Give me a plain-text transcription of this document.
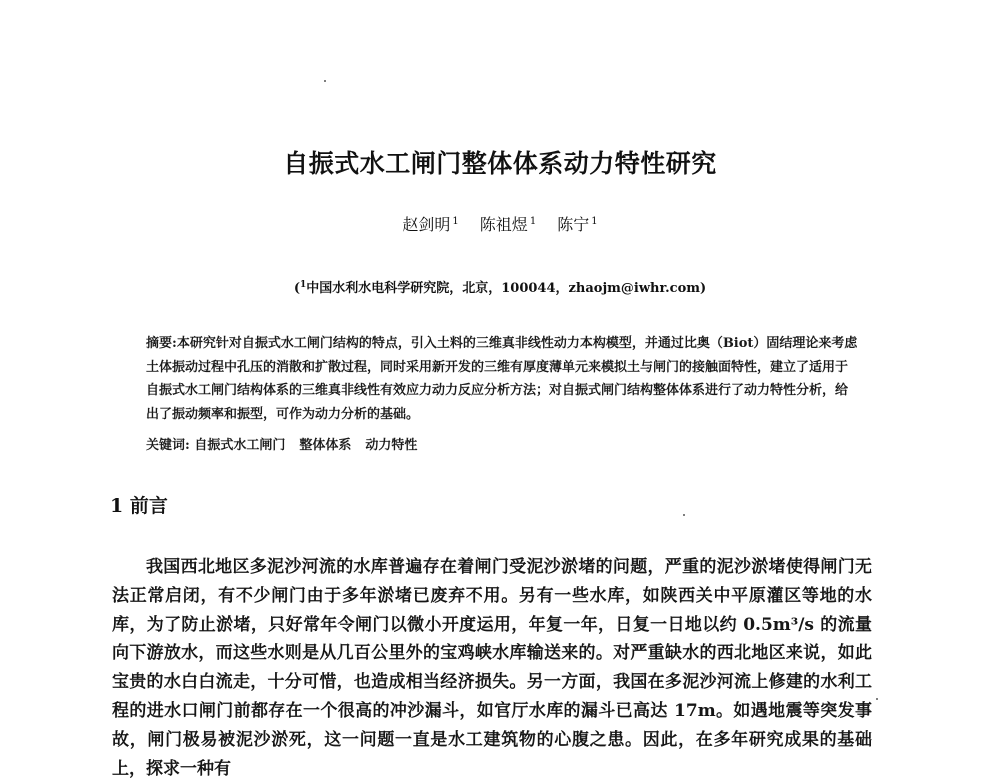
自振式水工闸门整体体系动力特性研究
赵剑明 $^1$ 陈祖煜 $^1$ 陈宁 $^1$
($^1$中国水利水电科学研究院，北京，100044，zhaojm@iwhr.com)
摘要:本研究针对自振式水工闸门结构的特点，引入土料的三维真非线性动力本构模型，并通过比奥（Biot）固结理论来考虑土体振动过程中孔压的消散和扩散过程，同时采用新开发的三维有厚度薄单元来模拟土与闸门的接触面特性，建立了适用于自振式水工闸门结构体系的三维真非线性有效应力动力反应分析方法；对自振式闸门结构整体体系进行了动力特性分析，给出了振动频率和振型，可作为动力分析的基础。
关键词: 自振式水工闸门 整体体系 动力特性
1 前言
我国西北地区多泥沙河流的水库普遍存在着闸门受泥沙淤堵的问题，严重的泥沙淤堵使得闸门无法正常启闭，有不少闸门由于多年淤堵已废弃不用。另有一些水库，如陕西关中平原灌区等地的水库，为了防止淤堵，只好常年令闸门以微小开度运用，年复一年，日复一日地以约 0.5m³/s 的流量向下游放水，而这些水则是从几百公里外的宝鸡峡水库输送来的。对严重缺水的西北地区来说，如此宝贵的水白白流走，十分可惜，也造成相当经济损失。另一方面，我国在多泥沙河流上修建的水利工程的进水口闸门前都存在一个很高的冲沙漏斗，如官厅水库的漏斗已高达 17m。如遇地震等突发事故，闸门极易被泥沙淤死，这一问题一直是水工建筑物的心腹之患。因此，在多年研究成果的基础上，探求一种有
